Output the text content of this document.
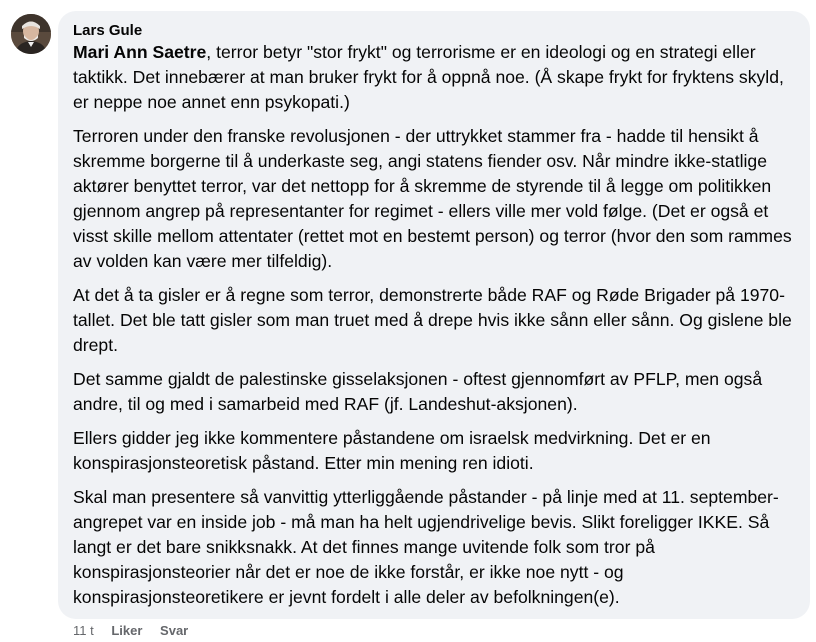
Lars Gule

Mari Ann Saetre, terror betyr "stor frykt" og terrorisme er en ideologi og en strategi eller taktikk. Det innebærer at man bruker frykt for å oppnå noe. (Å skape frykt for fryktens skyld, er neppe noe annet enn psykopati.)

Terroren under den franske revolusjonen - der uttrykket stammer fra - hadde til hensikt å skremme borgerne til å underkaste seg, angi statens fiender osv. Når mindre ikke-statlige aktører benyttet terror, var det nettopp for å skremme de styrende til å legge om politikken gjennom angrep på representanter for regimet - ellers ville mer vold følge. (Det er også et visst skille mellom attentater (rettet mot en bestemt person) og terror (hvor den som rammes av volden kan være mer tilfeldig).

At det å ta gisler er å regne som terror, demonstrerte både RAF og Røde Brigader på 1970-tallet. Det ble tatt gisler som man truet med å drepe hvis ikke sånn eller sånn. Og gislene ble drept.

Det samme gjaldt de palestinske gisselaksjonen - oftest gjennomført av PFLP, men også andre, til og med i samarbeid med RAF (jf. Landeshut-aksjonen).

Ellers gidder jeg ikke kommentere påstandene om israelsk medvirkning. Det er en konspirasjonsteoretisk påstand. Etter min mening ren idioti.

Skal man presentere så vanvittig ytterliggående påstander - på linje med at 11. september-angrepet var en inside job - må man ha helt ugjendrivelige bevis. Slikt foreligger IKKE. Så langt er det bare snikksnakk. At det finnes mange uvitende folk som tror på konspirasjonsteorier når det er noe de ikke forstår, er ikke noe nytt - og konspirasjonsteoretikere er jevnt fordelt i alle deler av befolkningen(e).

11 t Liker Svar
